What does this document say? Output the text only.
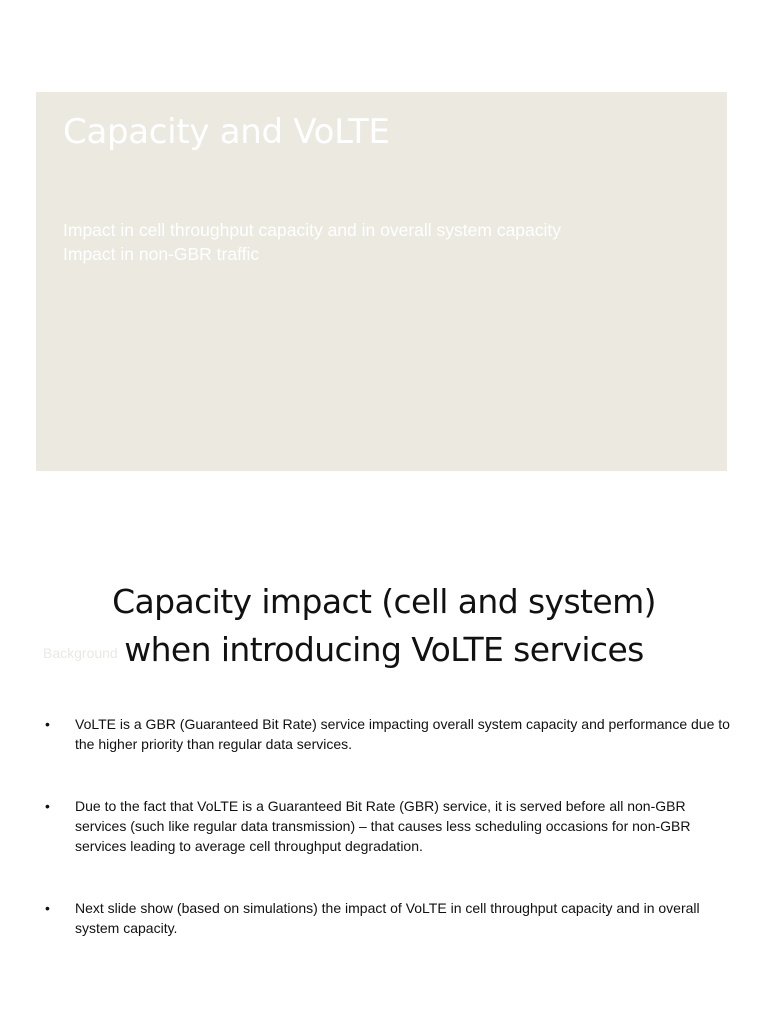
Capacity and VoLTE
Impact in cell throughput capacity and in overall system capacity
Impact in non-GBR traffic
Background
Capacity impact (cell and system)
when introducing VoLTE services
• VoLTE is a GBR (Guaranteed Bit Rate) service impacting overall system capacity and performance due to the higher priority than regular data services.
• Due to the fact that VoLTE is a Guaranteed Bit Rate (GBR) service, it is served before all non-GBR services (such like regular data transmission) – that causes less scheduling occasions for non-GBR services leading to average cell throughput degradation.
• Next slide show (based on simulations) the impact of VoLTE in cell throughput capacity and in overall system capacity.
